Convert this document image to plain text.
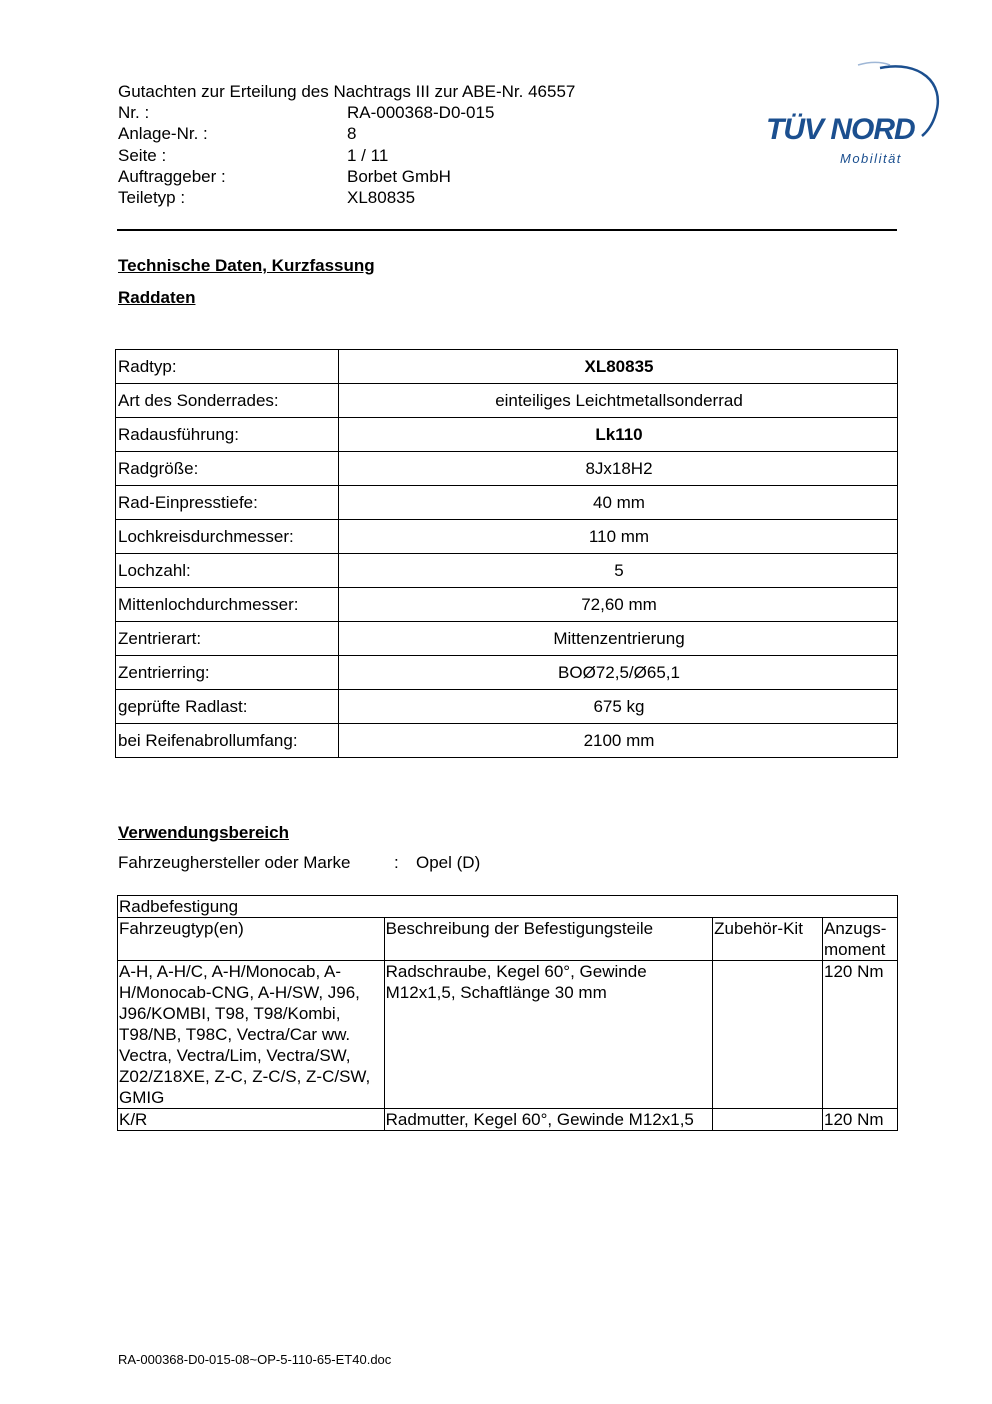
Gutachten zur Erteilung des Nachtrags III zur ABE-Nr. 46557
Nr. :	RA-000368-D0-015
Anlage-Nr. :	8
Seite :	1 / 11
Auftraggeber :	Borbet GmbH
Teiletyp :	XL80835
TÜV NORD
Mobilität
Technische Daten, Kurzfassung
Raddaten
Radtyp:	XL80835
Art des Sonderrades:	einteiliges Leichtmetallsonderrad
Radausführung:	Lk110
Radgröße:	8Jx18H2
Rad-Einpresstiefe:	40 mm
Lochkreisdurchmesser:	110 mm
Lochzahl:	5
Mittenlochdurchmesser:	72,60 mm
Zentrierart:	Mittenzentrierung
Zentrierring:	BOØ72,5/Ø65,1
geprüfte Radlast:	675 kg
bei Reifenabrollumfang:	2100 mm
Verwendungsbereich
Fahrzeughersteller oder Marke	: Opel (D)
Radbefestigung			
Fahrzeugtyp(en)	Beschreibung der Befestigungsteile	Zubehör-Kit	Anzugs-moment
A-H, A-H/C, A-H/Monocab, A-H/Monocab-CNG, A-H/SW, J96, J96/KOMBI, T98, T98/Kombi, T98/NB, T98C, Vectra/Car ww. Vectra, Vectra/Lim, Vectra/SW, Z02/Z18XE, Z-C, Z-C/S, Z-C/SW, GMIG	Radschraube, Kegel 60°, Gewinde M12x1,5, Schaftlänge 30 mm		120 Nm
K/R	Radmutter, Kegel 60°, Gewinde M12x1,5		120 Nm
RA-000368-D0-015-08~OP-5-110-65-ET40.doc
